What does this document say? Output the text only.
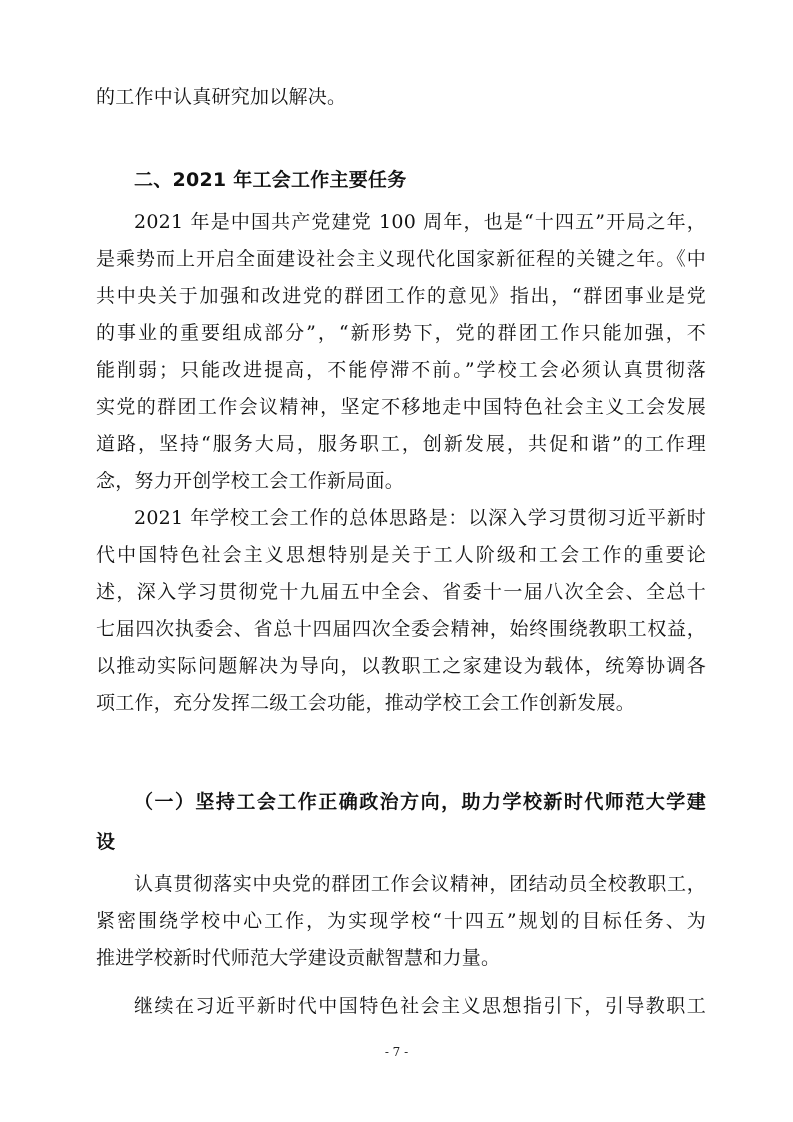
的工作中认真研究加以解决。
二、2021 年工会工作主要任务
2021 年是中国共产党建党 100 周年，也是“十四五”开局之年，
是乘势而上开启全面建设社会主义现代化国家新征程的关键之年。《中
共中央关于加强和改进党的群团工作的意见》指出，“群团事业是党
的事业的重要组成部分”，“新形势下，党的群团工作只能加强，不
能削弱；只能改进提高，不能停滞不前。”学校工会必须认真贯彻落
实党的群团工作会议精神，坚定不移地走中国特色社会主义工会发展
道路，坚持“服务大局，服务职工，创新发展，共促和谐”的工作理
念，努力开创学校工会工作新局面。
2021 年学校工会工作的总体思路是：以深入学习贯彻习近平新时
代中国特色社会主义思想特别是关于工人阶级和工会工作的重要论
述，深入学习贯彻党十九届五中全会、省委十一届八次全会、全总十
七届四次执委会、省总十四届四次全委会精神，始终围绕教职工权益，
以推动实际问题解决为导向，以教职工之家建设为载体，统筹协调各
项工作，充分发挥二级工会功能，推动学校工会工作创新发展。
（一）坚持工会工作正确政治方向，助力学校新时代师范大学建
设
认真贯彻落实中央党的群团工作会议精神，团结动员全校教职工，
紧密围绕学校中心工作，为实现学校“十四五”规划的目标任务、为
推进学校新时代师范大学建设贡献智慧和力量。
继续在习近平新时代中国特色社会主义思想指引下，引导教职工
- 7 -
